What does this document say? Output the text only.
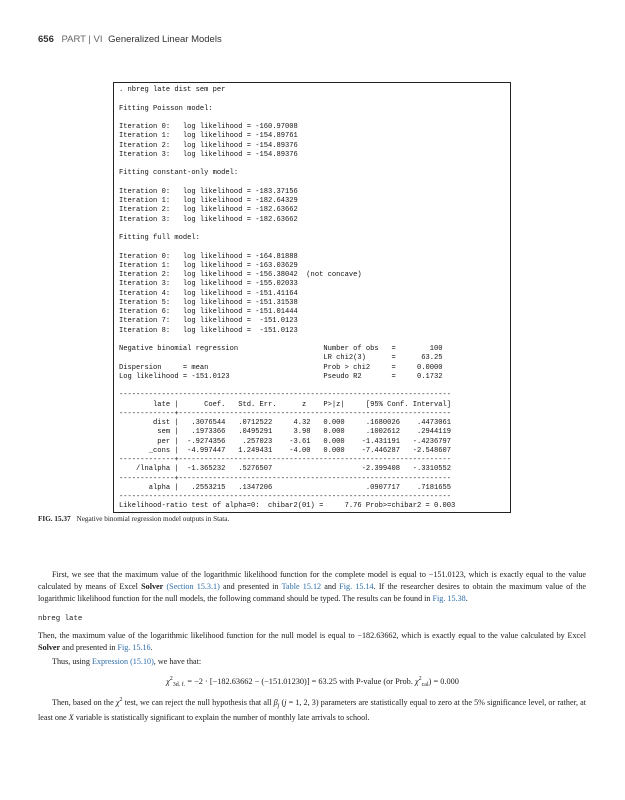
656 PART | VI Generalized Linear Models
. nbreg late dist sem per

Fitting Poisson model:

Iteration 0:   log likelihood = -160.97008
Iteration 1:   log likelihood = -154.89761
Iteration 2:   log likelihood = -154.89376
Iteration 3:   log likelihood = -154.89376

Fitting constant-only model:

Iteration 0:   log likelihood = -183.37156
Iteration 1:   log likelihood = -182.64329
Iteration 2:   log likelihood = -182.63662
Iteration 3:   log likelihood = -182.63662

Fitting full model:

Iteration 0:   log likelihood = -164.81888
Iteration 1:   log likelihood = -163.03629
Iteration 2:   log likelihood = -156.38042  (not concave)
Iteration 3:   log likelihood = -155.02033
Iteration 4:   log likelihood = -151.41164
Iteration 5:   log likelihood = -151.31538
Iteration 6:   log likelihood = -151.01444
Iteration 7:   log likelihood =  -151.0123
Iteration 8:   log likelihood =  -151.0123

Negative binomial regression                    Number of obs   =        100
LR chi2(3)      =      63.25
Dispersion     = mean                           Prob > chi2     =     0.0000
Log likelihood = -151.0123                      Pseudo R2       =     0.1732

------------------------------------------------------------------------------
late |      Coef.   Std. Err.      z    P>|z|     [95% Conf. Interval]
-------------+----------------------------------------------------------------
dist |   .3076544   .0712522     4.32   0.000     .1680026    .4473061
sem |   .1973366   .0495291     3.98   0.000     .1002612    .2944119
per |  -.9274356    .257023    -3.61   0.000    -1.431191   -.4236797
_cons |  -4.997447   1.249431    -4.00   0.000    -7.446287   -2.548607
-------------+----------------------------------------------------------------
/lnalpha |  -1.365232   .5276507                     -2.399408   -.3310552
-------------+----------------------------------------------------------------
alpha |   .2553215   .1347206                      .0907717    .7181655
------------------------------------------------------------------------------
Likelihood-ratio test of alpha=0:  chibar2(01) =     7.76 Prob>=chibar2 = 0.003

FIG. 15.37 Negative binomial regression model outputs in Stata.

First, we see that the maximum value of the logarithmic likelihood function for the complete model is equal to −151.0123, which is exactly equal to the value calculated by means of Excel Solver (Section 15.3.1) and presented in Table 15.12 and Fig. 15.14. If the researcher desires to obtain the maximum value of the logarithmic likelihood function for the null models, the following command should be typed. The results can be found in Fig. 15.38.

nbreg late

Then, the maximum value of the logarithmic likelihood function for the null model is equal to −182.63662, which is exactly equal to the value calculated by Excel Solver and presented in Fig. 15.16.

Thus, using Expression (15.10), we have that:

$\chi^2_{3d. f.} = -2 \cdot [-182.63662 - (-151.01230)] = 63.25$ with P-value (or Prob. $\chi^2_{cal}) = 0.000$

Then, based on the $\chi^2$ test, we can reject the null hypothesis that all $\beta_j$ (j = 1, 2, 3) parameters are statistically equal to zero at the 5% significance level, or rather, at least one X variable is statistically significant to explain the number of monthly late arrivals to school.
